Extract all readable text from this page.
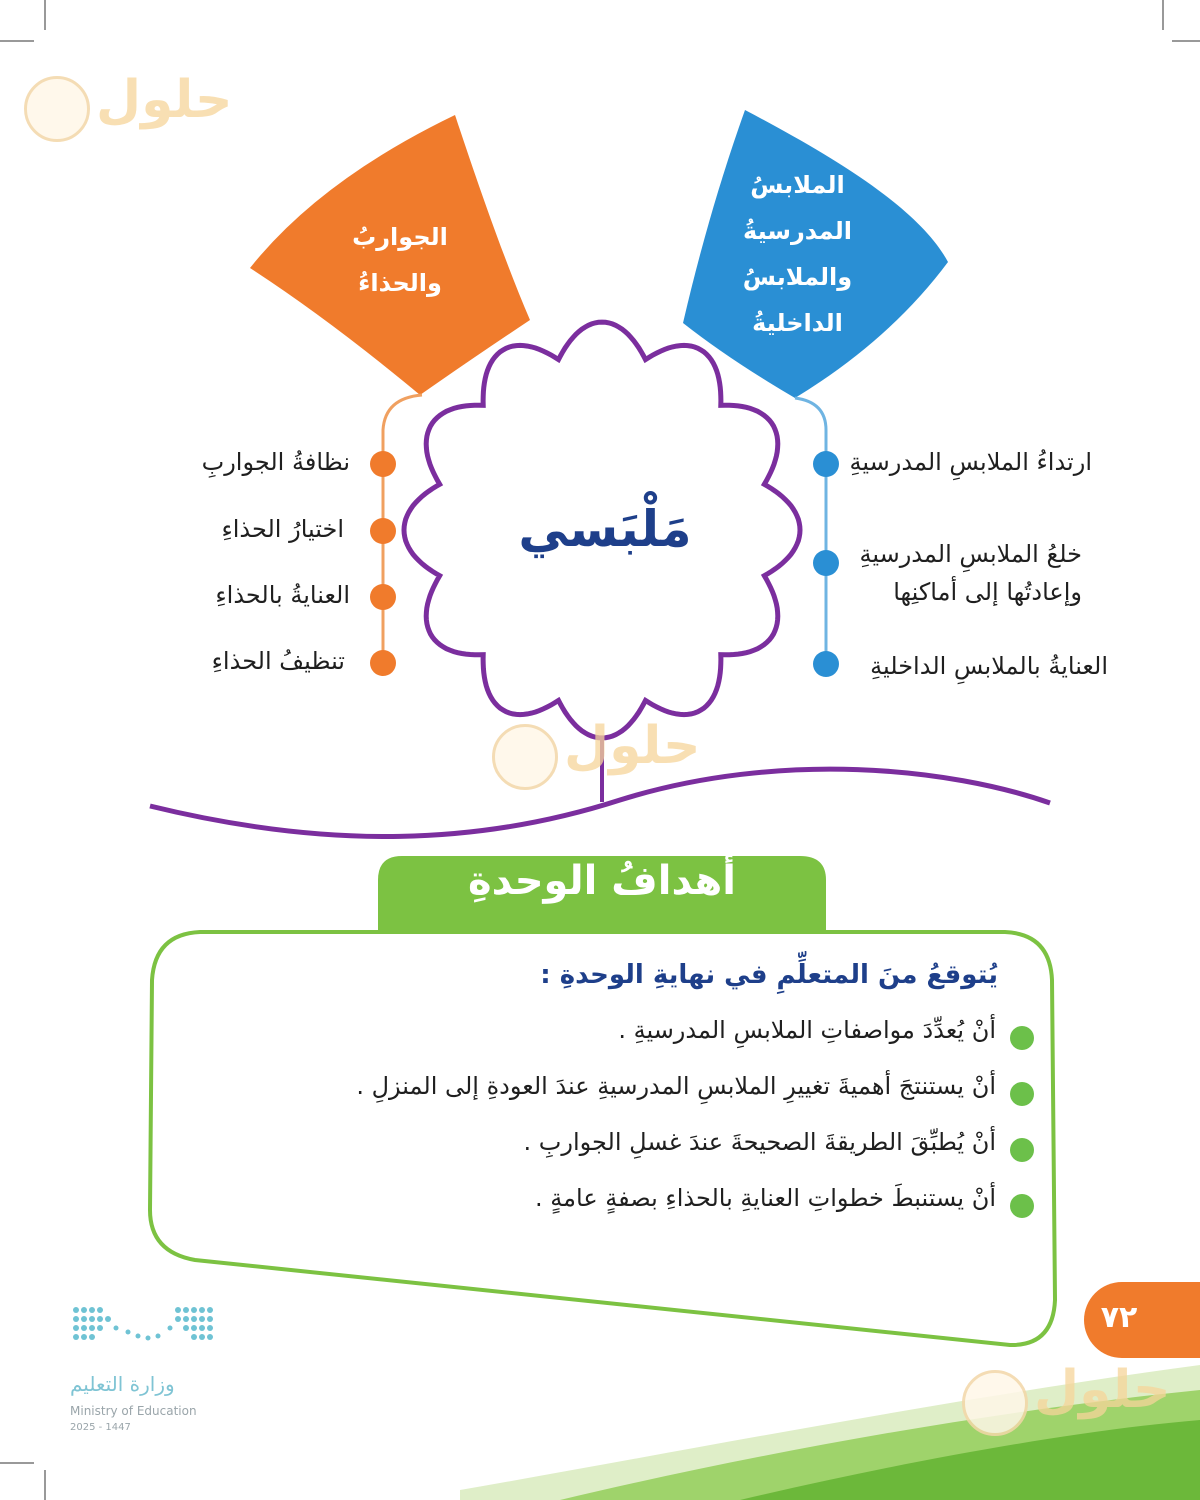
حلول
الجواربُ
والحذاءُ
الملابسُ
المدرسيةُ
والملابسُ
الداخليةُ
مَلْبَسي
نظافةُ الجواربِ
اختيارُ الحذاءِ
العنايةُ بالحذاءِ
تنظيفُ الحذاءِ
ارتداءُ الملابسِ المدرسيةِ
خلعُ الملابسِ المدرسيةِ
وإعادتُها إلى أماكنِها
العنايةُ بالملابسِ الداخليةِ
حلول
أهدافُ الوحدةِ
يُتوقعُ منَ المتعلِّمِ في نهايةِ الوحدةِ :
أنْ يُعدِّدَ مواصفاتِ الملابسِ المدرسيةِ .
أنْ يستنتجَ أهميةَ تغييرِ الملابسِ المدرسيةِ عندَ العودةِ إلى المنزلِ .
أنْ يُطبِّقَ الطريقةَ الصحيحةَ عندَ غسلِ الجواربِ .
أنْ يستنبطَ خطواتِ العنايةِ بالحذاءِ بصفةٍ عامةٍ .
٧٢
وزارة التعليم
Ministry of Education
2025 - 1447
حلول
